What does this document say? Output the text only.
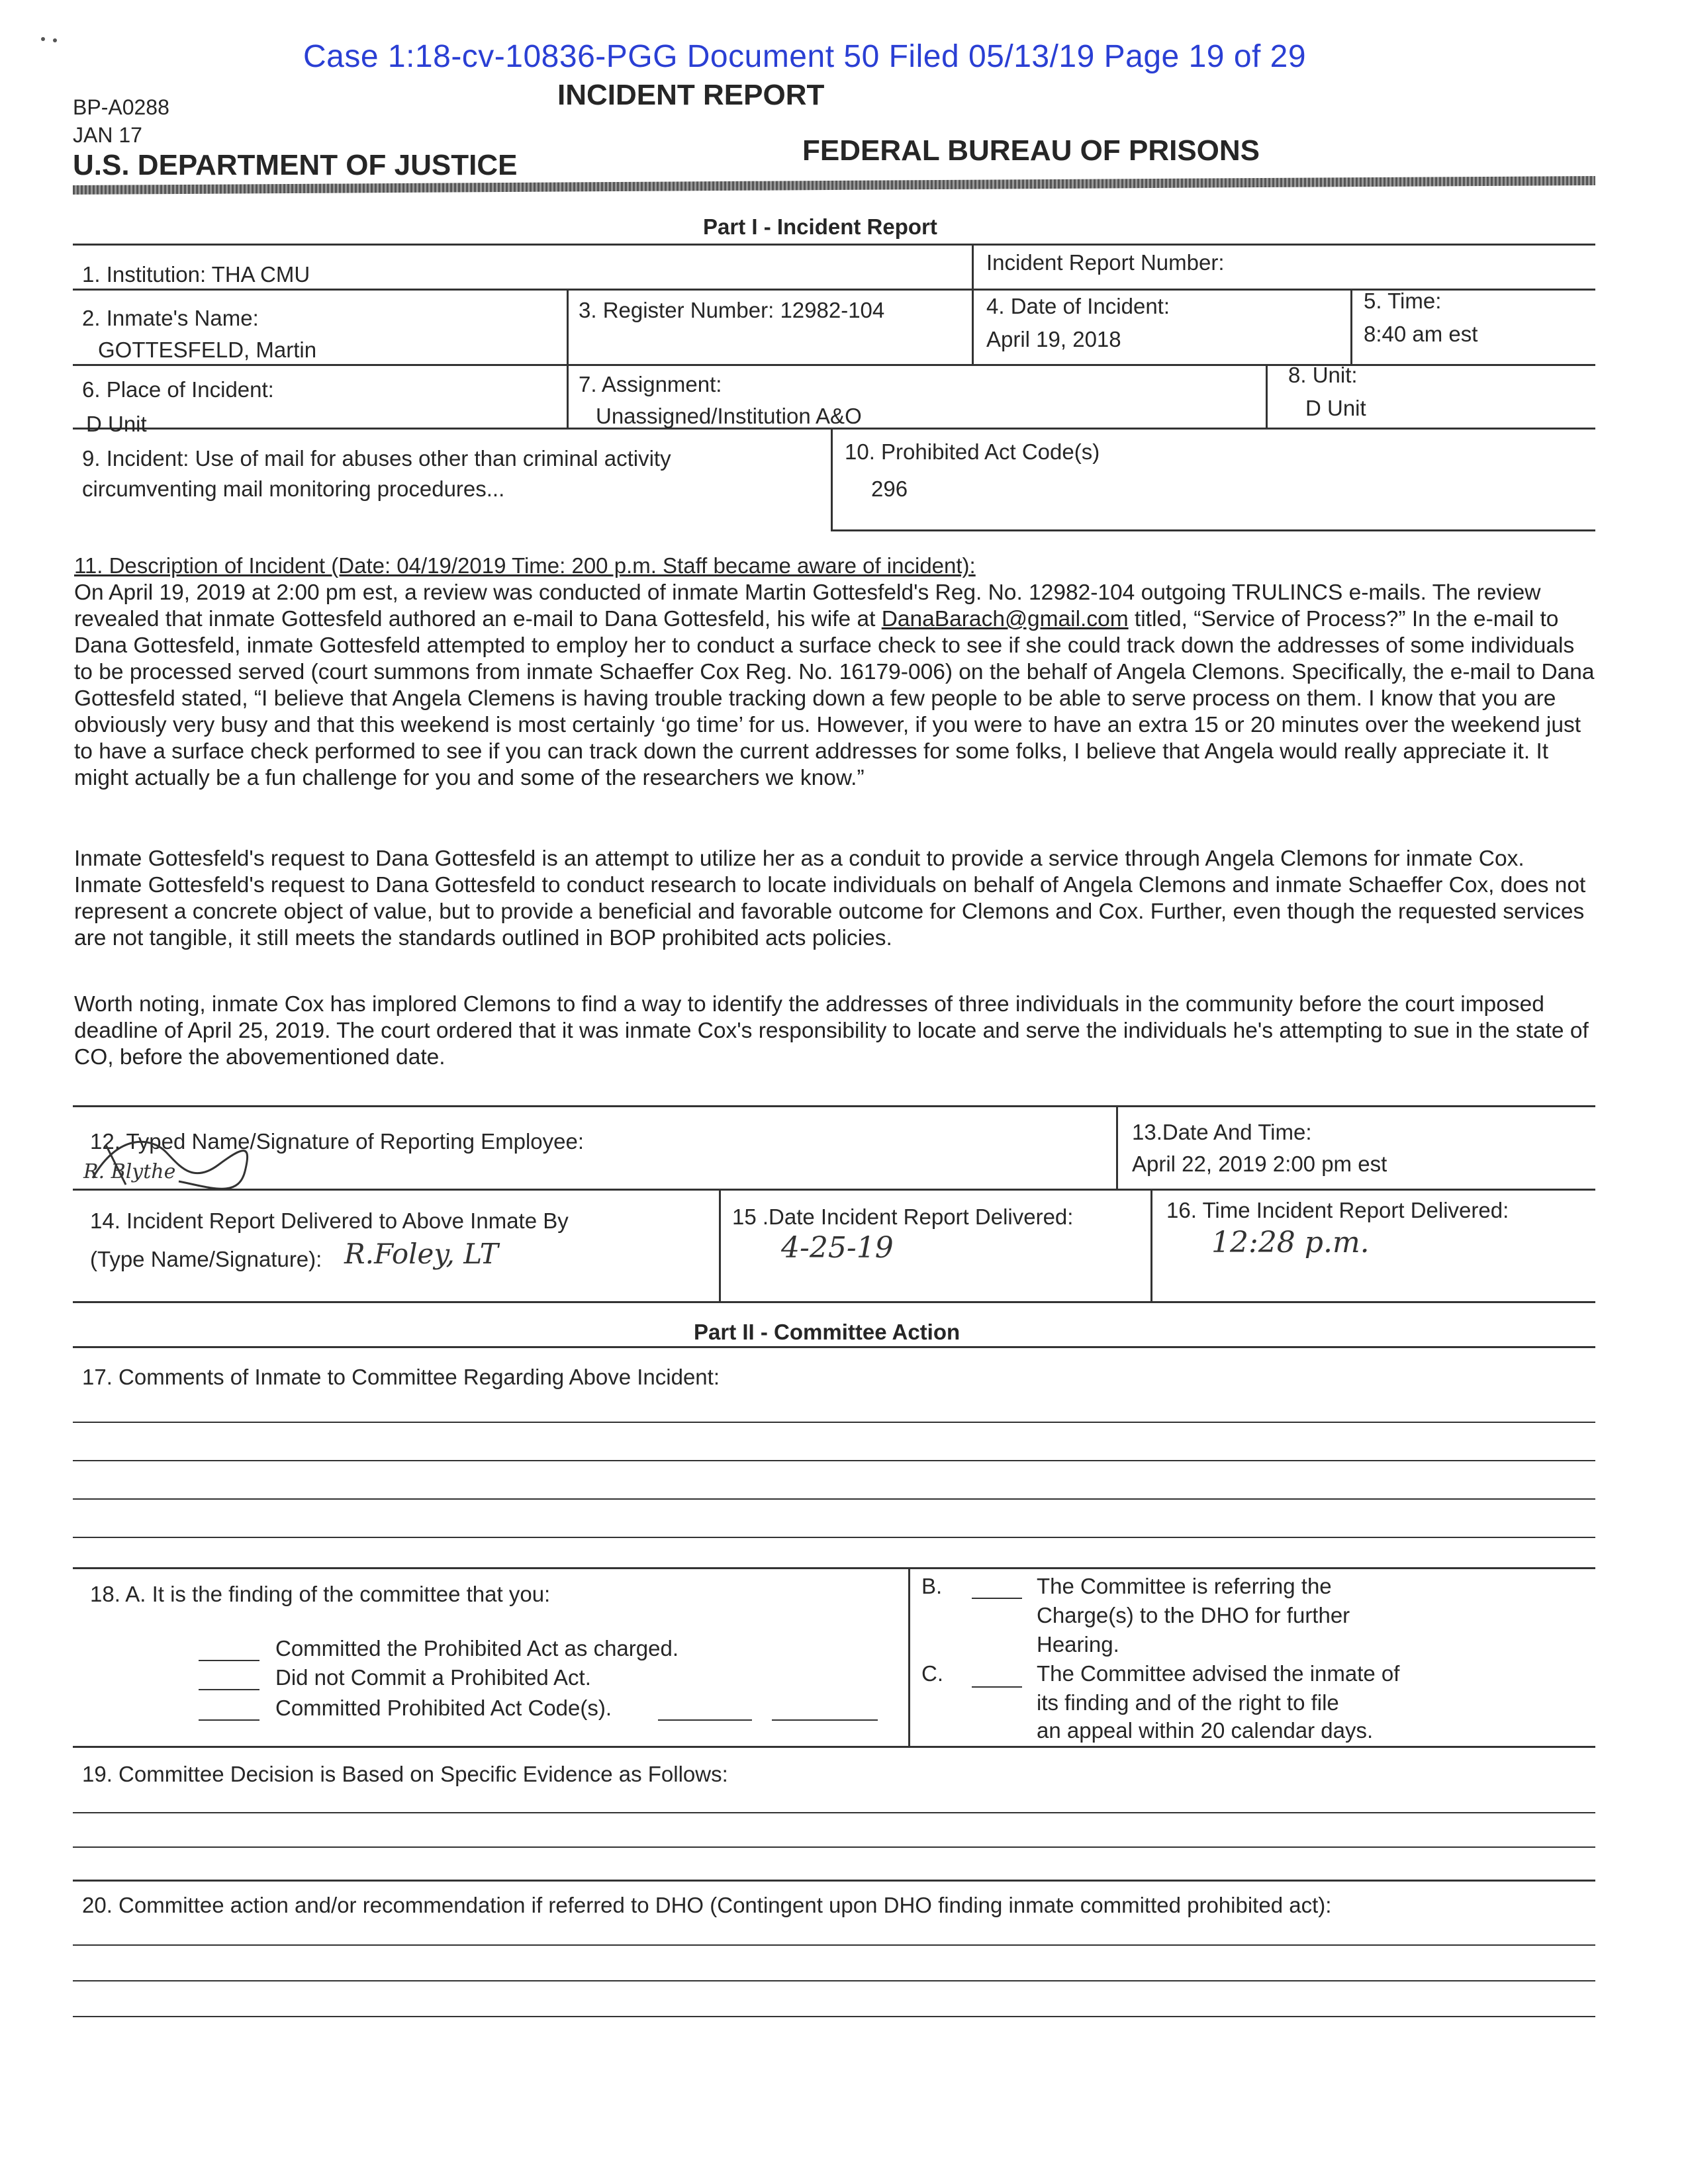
Case 1:18-cv-10836-PGG Document 50 Filed 05/13/19 Page 19 of 29
BP-A0288
JAN 17
INCIDENT REPORT
U.S. DEPARTMENT OF JUSTICE	FEDERAL BUREAU OF PRISONS
Part I - Incident Report
1. Institution: THA CMU	Incident Report Number:
2. Inmate's Name:
GOTTESFELD, Martin
3. Register Number: 12982-104	4. Date of Incident:
April 19, 2018
5. Time:
8:40 am est
6. Place of Incident:
D Unit
7. Assignment:
Unassigned/Institution A&O
8. Unit:
D Unit
9. Incident: Use of mail for abuses other than criminal activity
circumventing mail monitoring procedures...
10. Prohibited Act Code(s)
296
11. Description of Incident (Date: 04/19/2019 Time: 200 p.m. Staff became aware of incident):

On April 19, 2019 at 2:00 pm est, a review was conducted of inmate Martin Gottesfeld's Reg. No. 12982-104 outgoing TRULINCS e-mails. The review revealed that inmate Gottesfeld authored an e-mail to Dana Gottesfeld, his wife at DanaBarach@gmail.com titled, “Service of Process?” In the e-mail to Dana Gottesfeld, inmate Gottesfeld attempted to employ her to conduct a surface check to see if she could track down the addresses of some individuals to be processed served (court summons from inmate Schaeffer Cox Reg. No. 16179-006) on the behalf of Angela Clemons. Specifically, the e-mail to Dana Gottesfeld stated, “I believe that Angela Clemens is having trouble tracking down a few people to be able to serve process on them. I know that you are obviously very busy and that this weekend is most certainly ‘go time’ for us. However, if you were to have an extra 15 or 20 minutes over the weekend just to have a surface check performed to see if you can track down the current addresses for some folks, I believe that Angela would really appreciate it. It might actually be a fun challenge for you and some of the researchers we know.”

Inmate Gottesfeld's request to Dana Gottesfeld is an attempt to utilize her as a conduit to provide a service through Angela Clemons for inmate Cox. Inmate Gottesfeld's request to Dana Gottesfeld to conduct research to locate individuals on behalf of Angela Clemons and inmate Schaeffer Cox, does not represent a concrete object of value, but to provide a beneficial and favorable outcome for Clemons and Cox. Further, even though the requested services are not tangible, it still meets the standards outlined in BOP prohibited acts policies.
Worth noting, inmate Cox has implored Clemons to find a way to identify the addresses of three individuals in the community before the court imposed deadline of April 25, 2019. The court ordered that it was inmate Cox's responsibility to locate and serve the individuals he's attempting to sue in the state of CO, before the abovementioned date.
12. Typed Name/Signature of Reporting Employee:
R. Blythe
13.Date And Time:
April 22, 2019 2:00 pm est
14. Incident Report Delivered to Above Inmate By
(Type Name/Signature): R.Foley, LT
15 .Date Incident Report Delivered:
4-25-19
16. Time Incident Report Delivered:
12:28 p.m.
Part II - Committee Action
17. Comments of Inmate to Committee Regarding Above Incident:
18. A. It is the finding of the committee that you:
Committed the Prohibited Act as charged.
Did not Commit a Prohibited Act.
Committed Prohibited Act Code(s).
B.	The Committee is referring the
Charge(s) to the DHO for further
Hearing.
C.	The Committee advised the inmate of
its finding and of the right to file
an appeal within 20 calendar days.
19. Committee Decision is Based on Specific Evidence as Follows:
20. Committee action and/or recommendation if referred to DHO (Contingent upon DHO finding inmate committed prohibited act):
